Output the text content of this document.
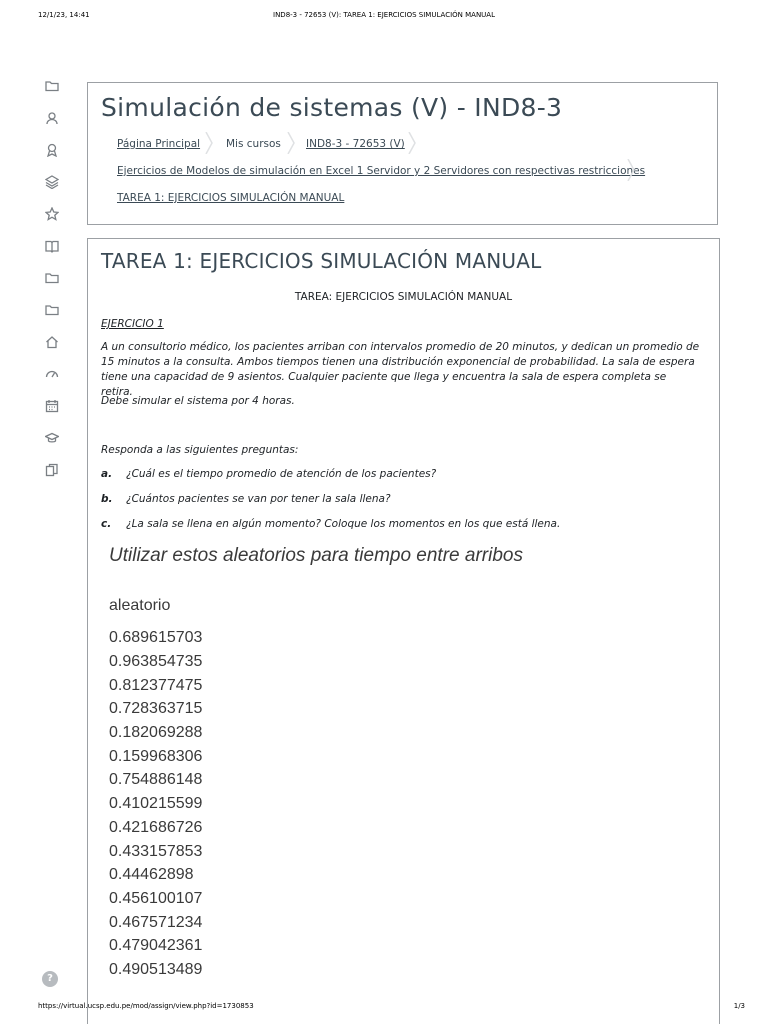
12/1/23, 14:41	IND8-3 - 72653 (V): TAREA 1: EJERCICIOS SIMULACIÓN MANUAL
?
Simulación de sistemas (V) - IND8-3
Página Principal Mis cursos IND8-3 - 72653 (V)
Ejercicios de Modelos de simulación en Excel 1 Servidor y 2 Servidores con respectivas restricciones
TAREA 1: EJERCICIOS SIMULACIÓN MANUAL
TAREA 1: EJERCICIOS SIMULACIÓN MANUAL
TAREA: EJERCICIOS SIMULACIÓN MANUAL
EJERCICIO 1
A un consultorio médico, los pacientes arriban con intervalos promedio de 20 minutos, y dedican un promedio de 15 minutos a la consulta. Ambos tiempos tienen una distribución exponencial de probabilidad. La sala de espera tiene una capacidad de 9 asientos. Cualquier paciente que llega y encuentra la sala de espera completa se retira.
Debe simular el sistema por 4 horas.
Responda a las siguientes preguntas:
a. ¿Cuál es el tiempo promedio de atención de los pacientes?
b. ¿Cuántos pacientes se van por tener la sala llena?
c. ¿La sala se llena en algún momento? Coloque los momentos en los que está llena.
Utilizar estos aleatorios para tiempo entre arribos
aleatorio
0.689615703
0.963854735
0.812377475
0.728363715
0.182069288
0.159968306
0.754886148
0.410215599
0.421686726
0.433157853
0.44462898
0.456100107
0.467571234
0.479042361
0.490513489
https://virtual.ucsp.edu.pe/mod/assign/view.php?id=1730853	1/3
